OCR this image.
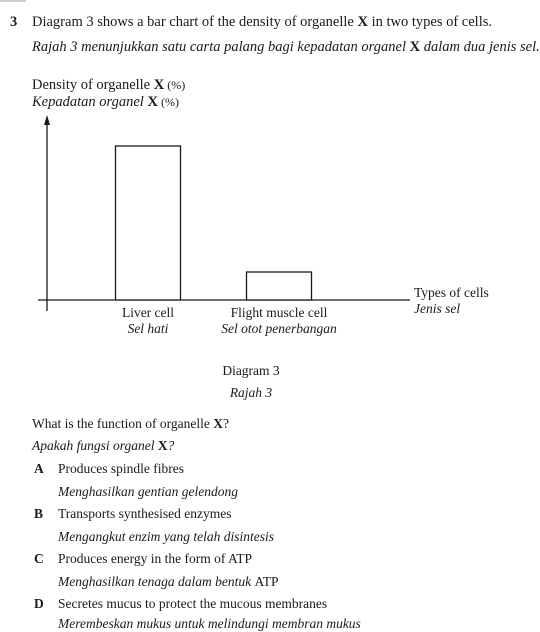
3 Diagram 3 shows a bar chart of the density of organelle X in two types of cells.
Rajah 3 menunjukkan satu carta palang bagi kepadatan organel X dalam dua jenis sel.
Density of organelle X (%)
Kepadatan organel X (%)
Liver cell
Sel hati
Flight muscle cell
Sel otot penerbangan
Types of cells
Jenis sel
Diagram 3
Rajah 3
What is the function of organelle X?
Apakah fungsi organel X?
A Produces spindle fibres
Menghasilkan gentian gelendong
B Transports synthesised enzymes
Mengangkut enzim yang telah disintesis
C Produces energy in the form of ATP
Menghasilkan tenaga dalam bentuk ATP
D Secretes mucus to protect the mucous membranes
Merembeskan mukus untuk melindungi membran mukus
